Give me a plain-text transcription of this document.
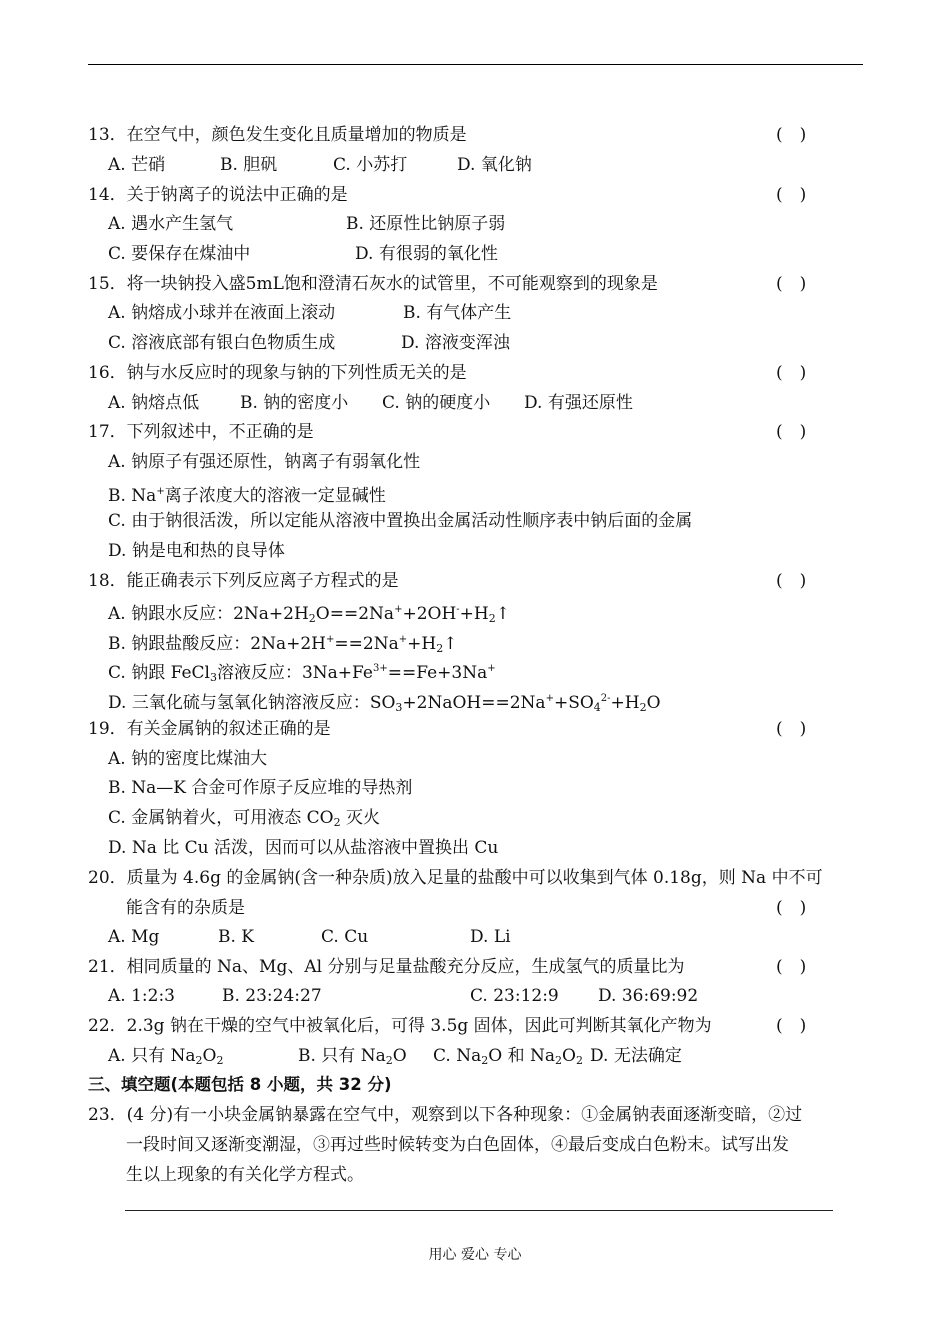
13．在空气中，颜色发生变化且质量增加的物质是	(　)
A. 芒硝	B. 胆矾	C. 小苏打	D. 氧化钠
14．关于钠离子的说法中正确的是	(　)
A. 遇水产生氢气	B. 还原性比钠原子弱
C. 要保存在煤油中	D. 有很弱的氧化性
15．将一块钠投入盛5mL饱和澄清石灰水的试管里，不可能观察到的现象是	(　)
A. 钠熔成小球并在液面上滚动	B. 有气体产生
C. 溶液底部有银白色物质生成	D. 溶液变浑浊
16．钠与水反应时的现象与钠的下列性质无关的是	(　)
A. 钠熔点低 B. 钠的密度小 C. 钠的硬度小 D. 有强还原性
17．下列叙述中，不正确的是	(　)
A. 钠原子有强还原性，钠离子有弱氧化性
B. Na+离子浓度大的溶液一定显碱性
C. 由于钠很活泼，所以定能从溶液中置换出金属活动性顺序表中钠后面的金属
D. 钠是电和热的良导体
18．能正确表示下列反应离子方程式的是	(　)
A. 钠跟水反应：$2Na+2H_2O==2Na^++2OH^-+H_2↑$
B. 钠跟盐酸反应：$2Na+2H^+==2Na^++H_2↑$
C. 钠跟 FeCl$_3$溶液反应：$3Na+Fe^{3+}==Fe+3Na^+$
D. 三氧化硫与氢氧化钠溶液反应：$SO_3+2NaOH==2Na^++SO_4^{2-}+H_2O$
19．有关金属钠的叙述正确的是	(　)
A. 钠的密度比煤油大
B. Na—K 合金可作原子反应堆的导热剂
C. 金属钠着火，可用液态 $CO_2$ 灭火
D. Na 比 Cu 活泼，因而可以从盐溶液中置换出 Cu
20．质量为 4.6g 的金属钠(含一种杂质)放入足量的盐酸中可以收集到气体 0.18g，则 Na 中不可
能含有的杂质是	(　)
A. Mg	B. K	C. Cu	D. Li
21．相同质量的 Na、Mg、Al 分别与足量盐酸充分反应，生成氢气的质量比为	(　)
A. 1:2:3	B. 23:24:27	C. 23:12:9 D. 36:69:92
22．2.3g 钠在干燥的空气中被氧化后，可得 3.5g 固体，因此可判断其氧化产物为	(　)
A. 只有 $Na_2O_2$	B. 只有 $Na_2O$ C. $Na_2O$ 和 $Na_2O_2$ D. 无法确定
三、填空题(本题包括 8 小题，共 32 分)
23．(4 分)有一小块金属钠暴露在空气中，观察到以下各种现象：①金属钠表面逐渐变暗，②过
一段时间又逐渐变潮湿，③再过些时候转变为白色固体，④最后变成白色粉末。试写出发
生以上现象的有关化学方程式。
用心 爱心 专心
